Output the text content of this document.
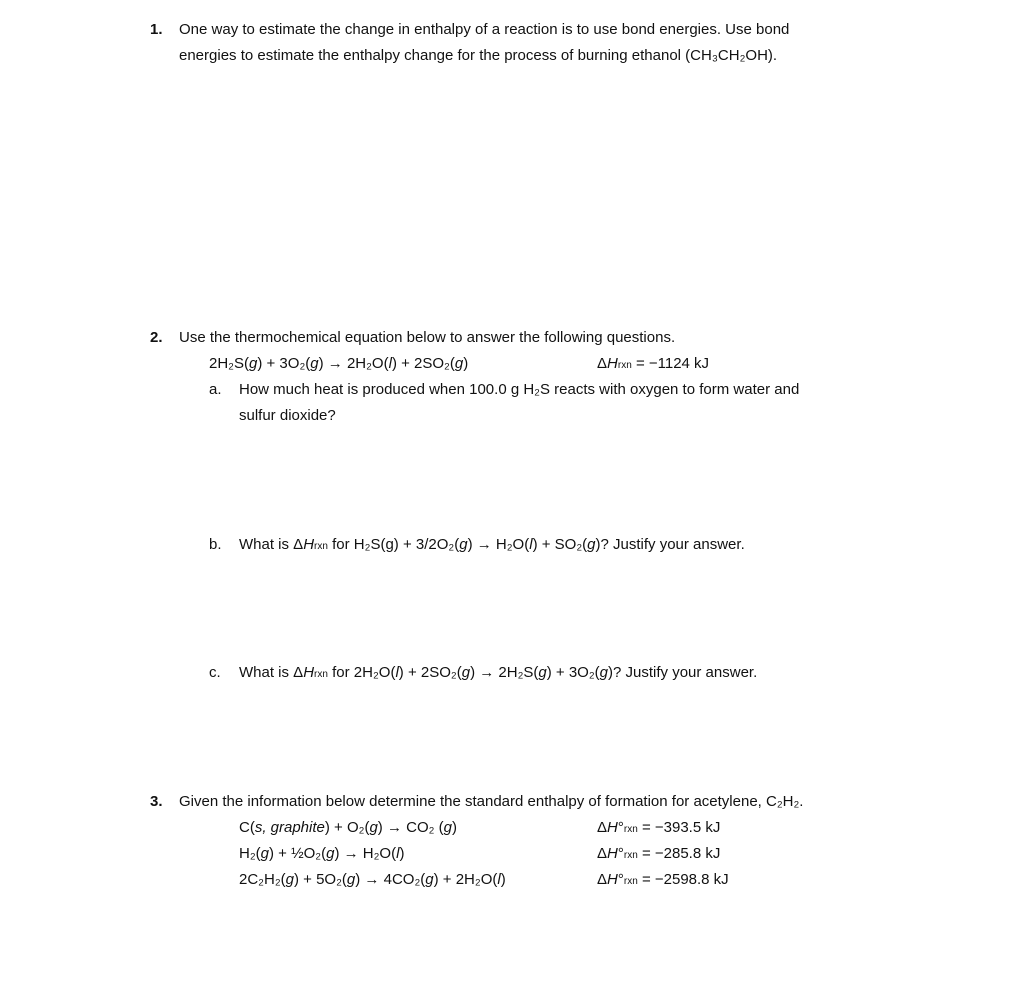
1. One way to estimate the change in enthalpy of a reaction is to use bond energies. Use bond
energies to estimate the enthalpy change for the process of burning ethanol (CH₃CH₂OH).
2. Use the thermochemical equation below to answer the following questions.
2H₂S(g) + 3O₂(g) → 2H₂O(l) + 2SO₂(g)	ΔHrxn = −1124 kJ
a. How much heat is produced when 100.0 g H₂S reacts with oxygen to form water and
sulfur dioxide?
b. What is ΔHrxn for H₂S(g) + 3/2O₂(g) → H₂O(l) + SO₂(g)? Justify your answer.
c. What is ΔHrxn for 2H₂O(l) + 2SO₂(g) → 2H₂S(g) + 3O₂(g)? Justify your answer.
3. Given the information below determine the standard enthalpy of formation for acetylene, C₂H₂.
C(s, graphite) + O₂(g) → CO₂ (g)	ΔH°rxn = −393.5 kJ
H₂(g) + ½O₂(g) → H₂O(l)	ΔH°rxn = −285.8 kJ
2C₂H₂(g) + 5O₂(g) → 4CO₂(g) + 2H₂O(l)	ΔH°rxn = −2598.8 kJ
